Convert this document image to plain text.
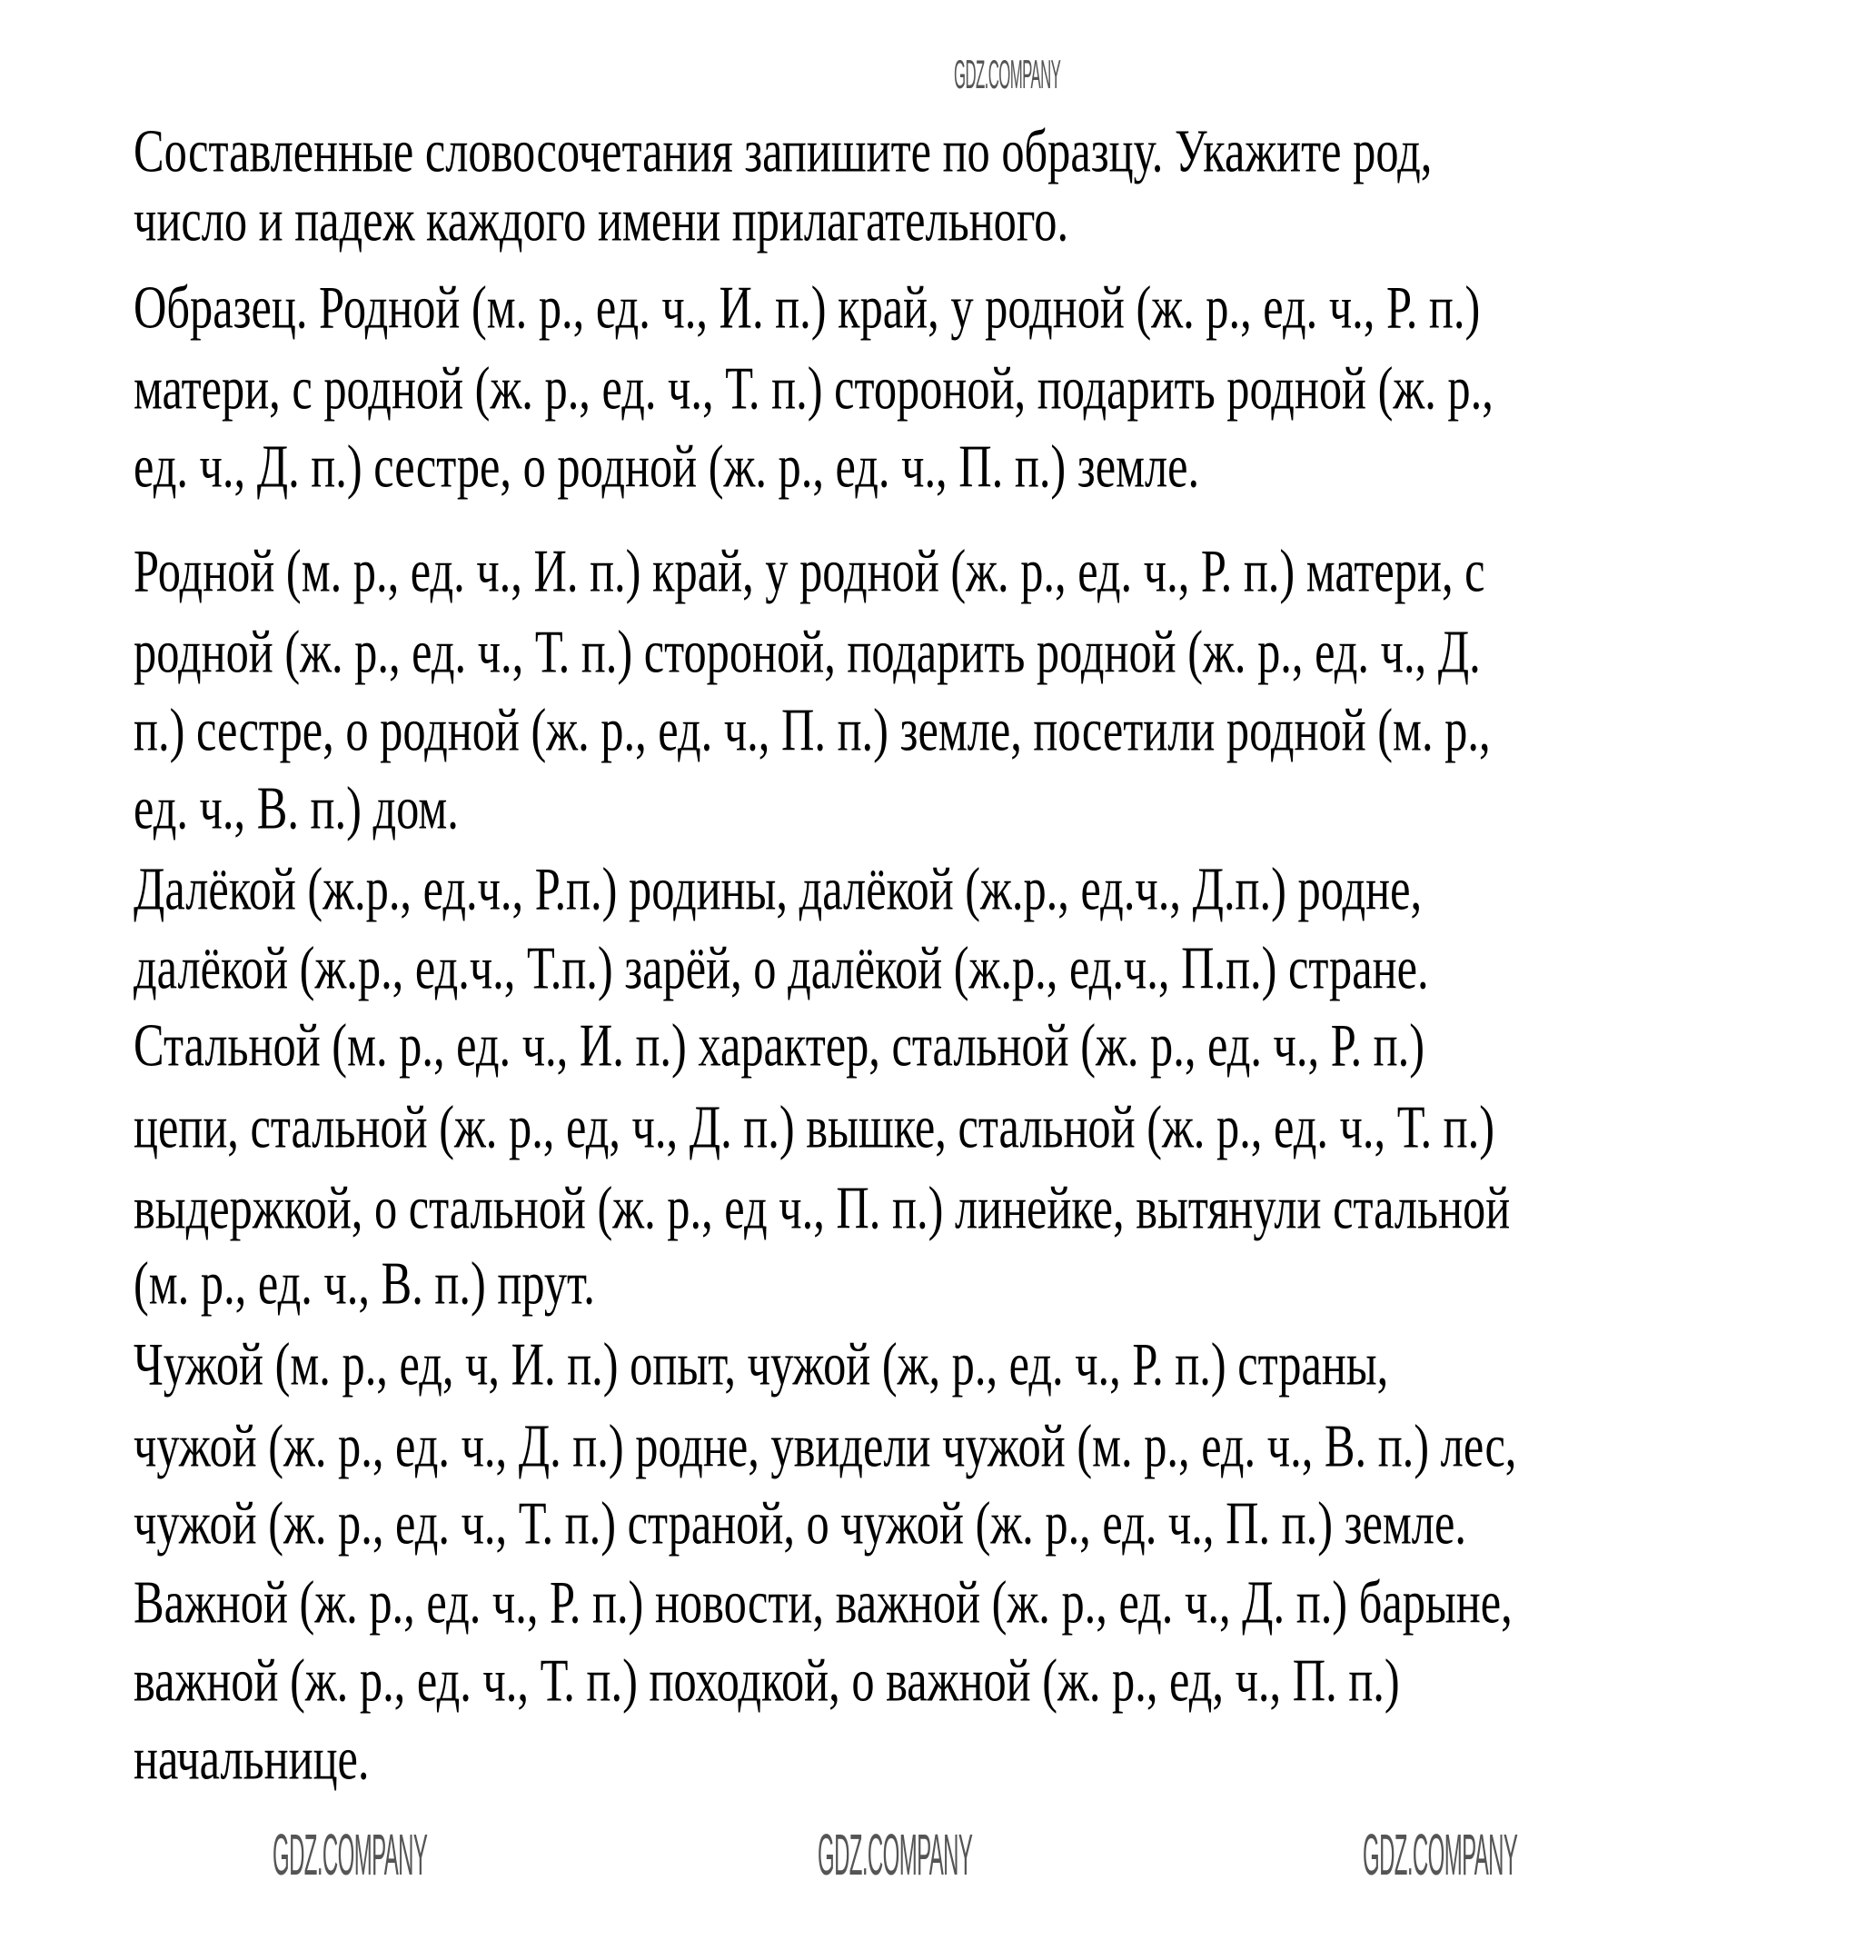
Составленные словосочетания запишите по образцу. Укажите род,
число и падеж каждого имени прилагательного.
Образец. Родной (м. р., ед. ч., И. п.) край, у родной (ж. р., ед. ч., Р. п.)
матери, с родной (ж. р., ед. ч., Т. п.) стороной, подарить родной (ж. р.,
ед. ч., Д. п.) сестре, о родной (ж. р., ед. ч., П. п.) земле.
Родной (м. р., ед. ч., И. п.) край, у родной (ж. р., ед. ч., Р. п.) матери, с
родной (ж. р., ед. ч., Т. п.) стороной, подарить родной (ж. р., ед. ч., Д.
п.) сестре, о родной (ж. р., ед. ч., П. п.) земле, посетили родной (м. р.,
ед. ч., В. п.) дом.
Далёкой (ж.р., ед.ч., Р.п.) родины, далёкой (ж.р., ед.ч., Д.п.) родне,
далёкой (ж.р., ед.ч., Т.п.) зарёй, о далёкой (ж.р., ед.ч., П.п.) стране.
Стальной (м. р., ед. ч., И. п.) характер, стальной (ж. р., ед. ч., Р. п.)
цепи, стальной (ж. р., ед, ч., Д. п.) вышке, стальной (ж. р., ед. ч., Т. п.)
выдержкой, о стальной (ж. р., ед ч., П. п.) линейке, вытянули стальной
(м. р., ед. ч., В. п.) прут.
Чужой (м. р., ед, ч, И. п.) опыт, чужой (ж, р., ед. ч., Р. п.) страны,
чужой (ж. р., ед. ч., Д. п.) родне, увидели чужой (м. р., ед. ч., В. п.) лес,
чужой (ж. р., ед. ч., Т. п.) страной, о чужой (ж. р., ед. ч., П. п.) земле.
Важной (ж. р., ед. ч., Р. п.) новости, важной (ж. р., ед. ч., Д. п.) барыне,
важной (ж. р., ед. ч., Т. п.) походкой, о важной (ж. р., ед, ч., П. п.)
начальнице.
GDZ.COMPANY
GDZ.COMPANY	GDZ.COMPANY	GDZ.COMPANY
